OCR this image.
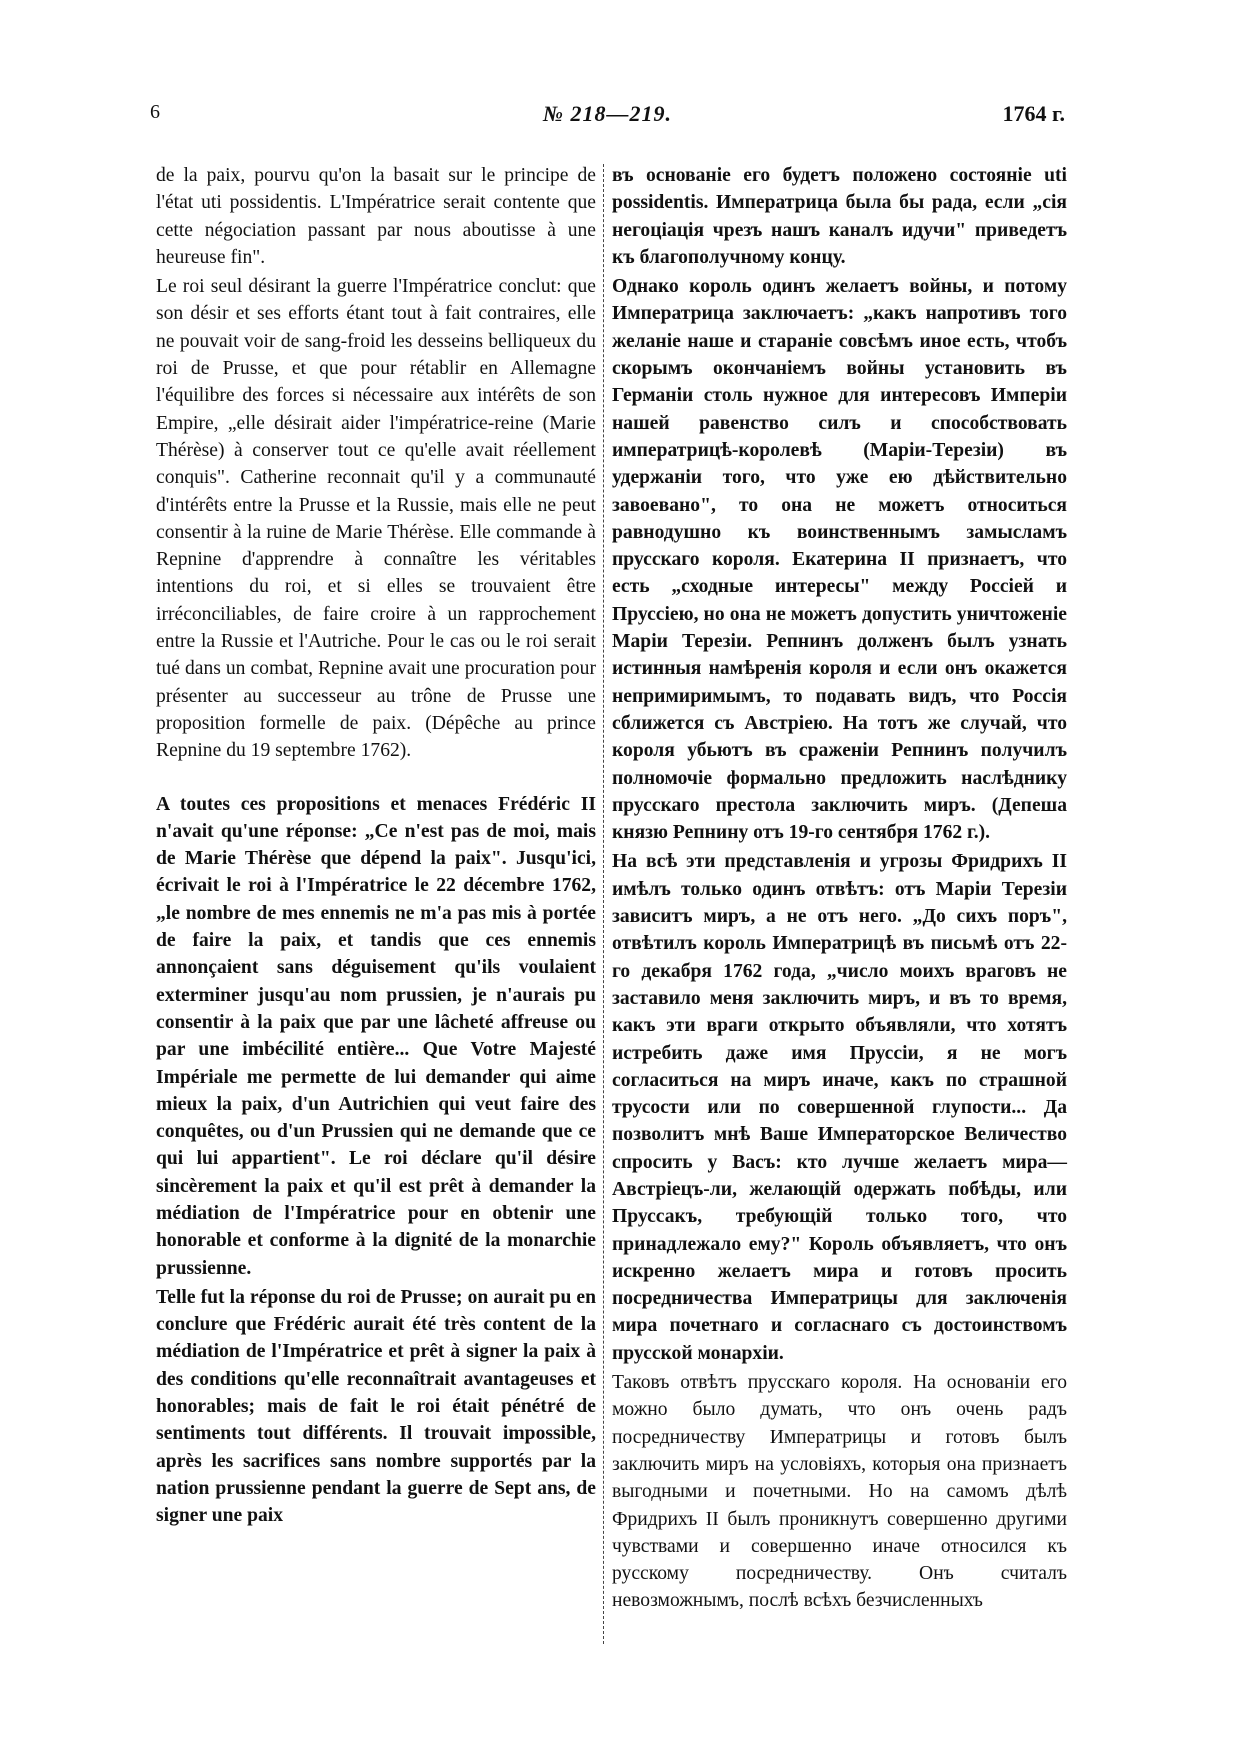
6	№ 218—219.	1764 г.

de la paix, pourvu qu'on la basait sur le principe de l'état uti possidentis. L'Impératrice serait contente que cette négociation passant par nous aboutisse à une heureuse fin".

Le roi seul désirant la guerre l'Impératrice conclut: que son désir et ses efforts étant tout à fait contraires, elle ne pouvait voir de sang-froid les desseins belliqueux du roi de Prusse, et que pour rétablir en Allemagne l'équilibre des forces si nécessaire aux intérêts de son Empire, „elle désirait aider l'impératrice-reine (Marie Thérèse) à conserver tout ce qu'elle avait réellement conquis". Catherine reconnait qu'il y a communauté d'intérêts entre la Prusse et la Russie, mais elle ne peut consentir à la ruine de Marie Thérèse. Elle commande à Repnine d'apprendre à connaître les véritables intentions du roi, et si elles se trouvaient être irréconciliables, de faire croire à un rapprochement entre la Russie et l'Autriche. Pour le cas ou le roi serait tué dans un combat, Repnine avait une procuration pour présenter au successeur au trône de Prusse une proposition formelle de paix. (Dépêche au prince Repnine du 19 septembre 1762).

A toutes ces propositions et menaces Frédéric II n'avait qu'une réponse: „Ce n'est pas de moi, mais de Marie Thérèse que dépend la paix". Jusqu'ici, écrivait le roi à l'Impératrice le 22 décembre 1762, „le nombre de mes ennemis ne m'a pas mis à portée de faire la paix, et tandis que ces ennemis annonçaient sans déguisement qu'ils voulaient exterminer jusqu'au nom prussien, je n'aurais pu consentir à la paix que par une lâcheté affreuse ou par une imbécilité entière... Que Votre Majesté Impériale me permette de lui demander qui aime mieux la paix, d'un Autrichien qui veut faire des conquêtes, ou d'un Prussien qui ne demande que ce qui lui appartient". Le roi déclare qu'il désire sincèrement la paix et qu'il est prêt à demander la médiation de l'Impératrice pour en obtenir une honorable et conforme à la dignité de la monarchie prussienne.

Telle fut la réponse du roi de Prusse; on aurait pu en conclure que Frédéric aurait été très content de la médiation de l'Impératrice et prêt à signer la paix à des conditions qu'elle reconnaîtrait avantageuses et honorables; mais de fait le roi était pénétré de sentiments tout différents. Il trouvait impossible, après les sacrifices sans nombre supportés par la nation prussienne pendant la guerre de Sept ans, de signer une paix

въ основаніе его будетъ положено состояніе uti possidentis. Императрица была бы рада, если „сія негоціація чрезъ нашъ каналъ идучи" приведетъ къ благополучному концу.

Однако король одинъ желаетъ войны, и потому Императрица заключаетъ: „какъ напротивъ того желаніе наше и стараніе совсѣмъ иное есть, чтобъ скорымъ окончаніемъ войны установить въ Германіи столь нужное для интересовъ Имперіи нашей равенство силъ и способствовать императрицѣ-королевѣ (Маріи-Терезіи) въ удержаніи того, что уже ею дѣйствительно завоевано", то она не можетъ относиться равнодушно къ воинственнымъ замысламъ прусскаго короля. Екатерина II признаетъ, что есть „сходные интересы" между Россіей и Пруссіею, но она не можетъ допустить уничтоженіе Маріи Терезіи. Репнинъ долженъ былъ узнать истинныя намѣренія короля и если онъ окажется непримиримымъ, то подавать видъ, что Россія сближется съ Австріею. На тотъ же случай, что короля убьютъ въ сраженіи Репнинъ получилъ полномочіе формально предложить наслѣднику прусскаго престола заключить миръ. (Депеша князю Репнину отъ 19-го сентября 1762 г.).

На всѣ эти представленія и угрозы Фридрихъ II имѣлъ только одинъ отвѣтъ: отъ Маріи Терезіи зависитъ миръ, а не отъ него. „До сихъ поръ", отвѣтилъ король Императрицѣ въ письмѣ отъ 22-го декабря 1762 года, „число моихъ враговъ не заставило меня заключить миръ, и въ то время, какъ эти враги открыто объявляли, что хотятъ истребить даже имя Пруссіи, я не могъ согласиться на миръ иначе, какъ по страшной трусости или по совершенной глупости... Да позволитъ мнѣ Ваше Императорское Величество спросить у Васъ: кто лучше желаетъ мира—Австріецъ-ли, желающій одержать побѣды, или Пруссакъ, требующій только того, что принадлежало ему?" Король объявляетъ, что онъ искренно желаетъ мира и готовъ просить посредничества Императрицы для заключенія мира почетнаго и согласнаго съ достоинствомъ прусской монархіи.

Таковъ отвѣтъ прусскаго короля. На основаніи его можно было думать, что онъ очень радъ посредничеству Императрицы и готовъ былъ заключить миръ на условіяхъ, которыя она признаетъ выгодными и почетными. Но на самомъ дѣлѣ Фридрихъ II былъ проникнутъ совершенно другими чувствами и совершенно иначе относился къ русскому посредничеству. Онъ считалъ невозможнымъ, послѣ всѣхъ безчисленныхъ
